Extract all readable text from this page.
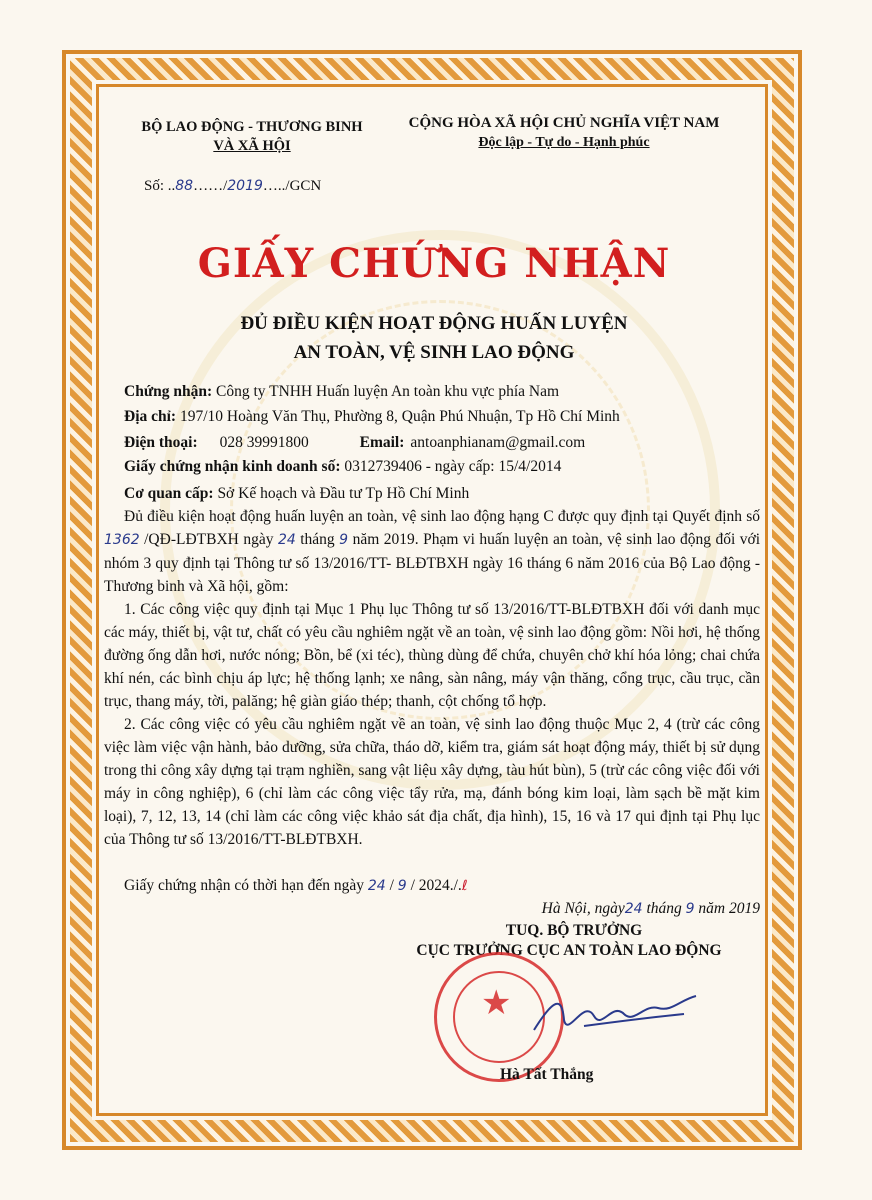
BỘ LAO ĐỘNG - THƯƠNG BINH
VÀ XÃ HỘI
CỘNG HÒA XÃ HỘI CHỦ NGHĨA VIỆT NAM
Độc lập - Tự do - Hạnh phúc
Số: ..88……/2019…../GCN
GIẤY CHỨNG NHẬN
ĐỦ ĐIỀU KIỆN HOẠT ĐỘNG HUẤN LUYỆN
AN TOÀN, VỆ SINH LAO ĐỘNG
Chứng nhận: Công ty TNHH Huấn luyện An toàn khu vực phía Nam
Địa chỉ: 197/10 Hoàng Văn Thụ, Phường 8, Quận Phú Nhuận, Tp Hồ Chí Minh
Điện thoại: 028 39991800	Email: antoanphianam@gmail.com
Giấy chứng nhận kinh doanh số: 0312739406 - ngày cấp: 15/4/2014
Cơ quan cấp: Sở Kế hoạch và Đầu tư Tp Hồ Chí Minh

Đủ điều kiện hoạt động huấn luyện an toàn, vệ sinh lao động hạng C được quy định tại Quyết định số 1362 /QĐ-LĐTBXH ngày 24 tháng 9 năm 2019. Phạm vi huấn luyện an toàn, vệ sinh lao động đối với nhóm 3 quy định tại Thông tư số 13/2016/TT- BLĐTBXH ngày 16 tháng 6 năm 2016 của Bộ Lao động -Thương binh và Xã hội, gồm:

1. Các công việc quy định tại Mục 1 Phụ lục Thông tư số 13/2016/TT-BLĐTBXH đối với danh mục các máy, thiết bị, vật tư, chất có yêu cầu nghiêm ngặt về an toàn, vệ sinh lao động gồm: Nồi hơi, hệ thống đường ống dẫn hơi, nước nóng; Bồn, bể (xi téc), thùng dùng để chứa, chuyên chở khí hóa lỏng; chai chứa khí nén, các bình chịu áp lực; hệ thống lạnh; xe nâng, sàn nâng, máy vận thăng, cổng trục, cầu trục, cần trục, thang máy, tời, palăng; hệ giàn giáo thép; thanh, cột chống tổ hợp.

2. Các công việc có yêu cầu nghiêm ngặt về an toàn, vệ sinh lao động thuộc Mục 2, 4 (trừ các công việc làm việc vận hành, bảo dưỡng, sửa chữa, tháo dỡ, kiểm tra, giám sát hoạt động máy, thiết bị sử dụng trong thi công xây dựng tại trạm nghiền, sang vật liệu xây dựng, tàu hút bùn), 5 (trừ các công việc đối với máy in công nghiệp), 6 (chỉ làm các công việc tẩy rửa, mạ, đánh bóng kim loại, làm sạch bề mặt kim loại), 7, 12, 13, 14 (chỉ làm các công việc khảo sát địa chất, địa hình), 15, 16 và 17 qui định tại Phụ lục của Thông tư số 13/2016/TT-BLĐTBXH.

Giấy chứng nhận có thời hạn đến ngày 24 / 9 / 2024./.ℓ
Hà Nội, ngày24 tháng 9 năm 2019
TUQ. BỘ TRƯỞNG
CỤC TRƯỞNG CỤC AN TOÀN LAO ĐỘNG
★
Hà Tất Thắng
